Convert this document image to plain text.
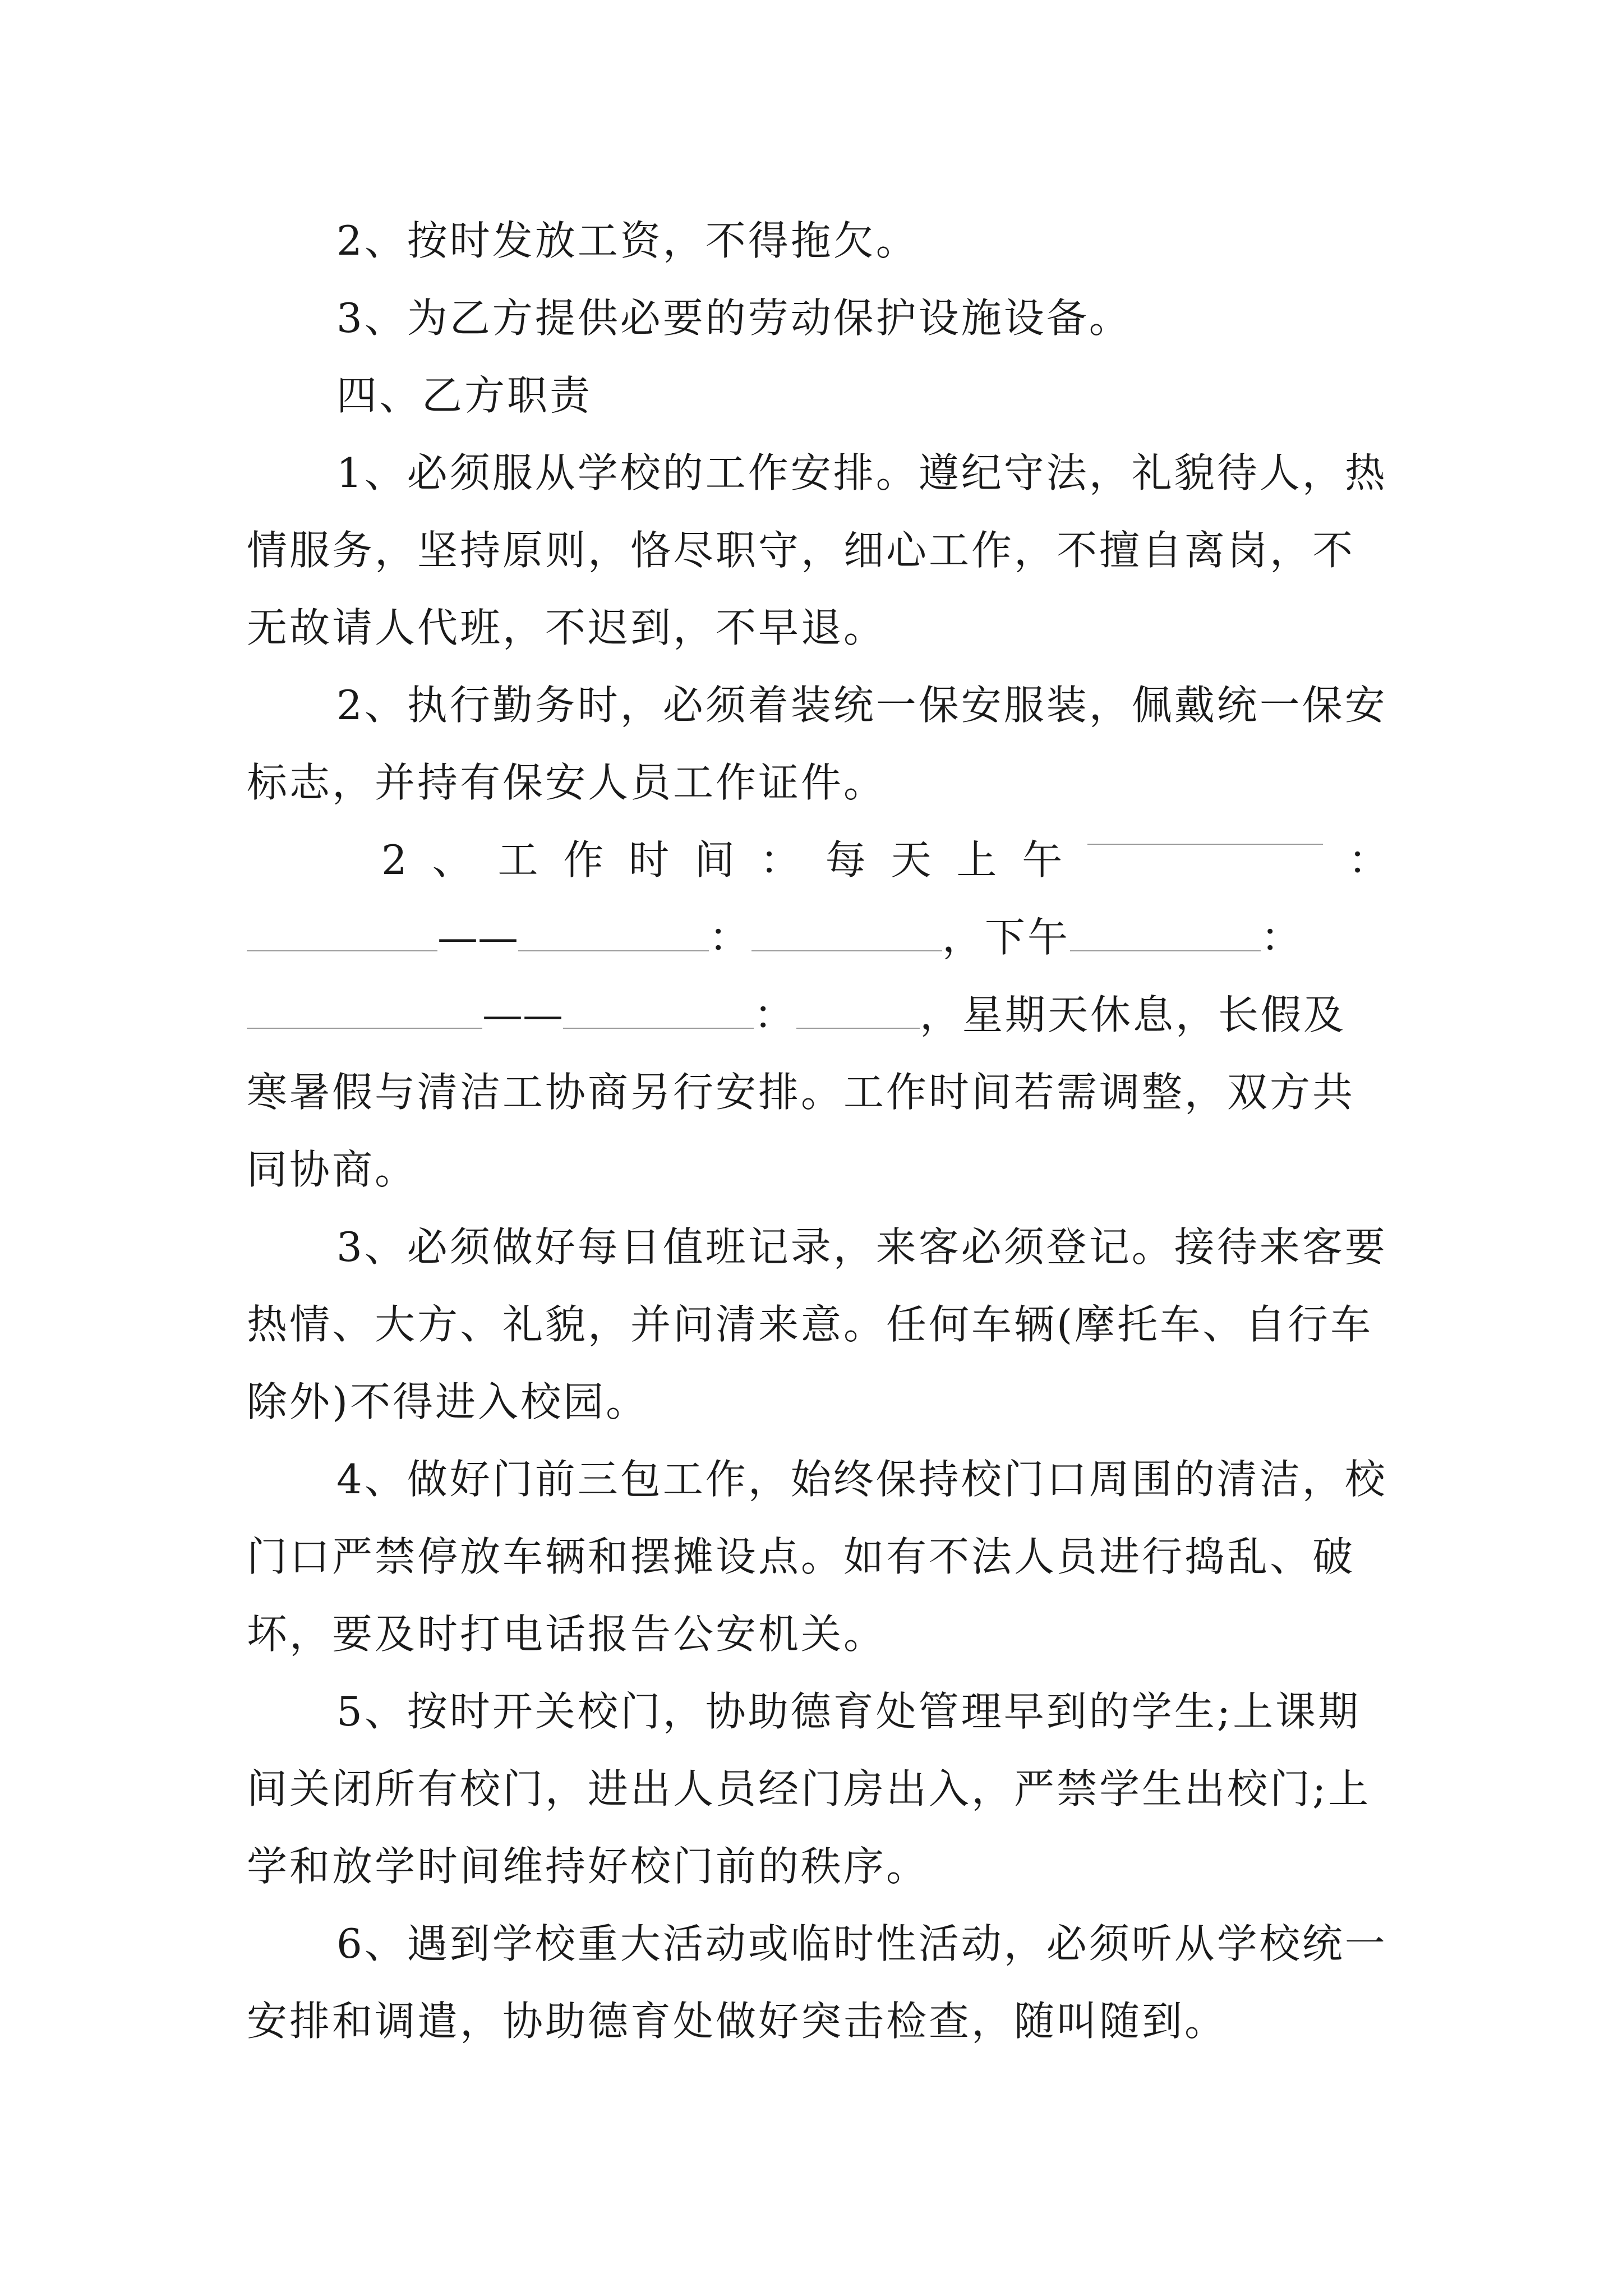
2、按时发放工资，不得拖欠。

3、为乙方提供必要的劳动保护设施设备。

四、乙方职责

1、必须服从学校的工作安排。遵纪守法，礼貌待人，热情服务，坚持原则，恪尽职守，细心工作，不擅自离岗，不无故请人代班，不迟到，不早退。

2、执行勤务时，必须着装统一保安服装，佩戴统一保安标志，并持有保安人员工作证件。

2 、 工 作 时 间 ： 每 天 上 午	：

——	：	，下午	：

——	：	，星期天休息，长假及寒暑假与清洁工协商另行安排。工作时间若需调整，双方共同协商。

3、必须做好每日值班记录，来客必须登记。接待来客要热情、大方、礼貌，并问清来意。任何车辆(摩托车、自行车除外)不得进入校园。

4、做好门前三包工作，始终保持校门口周围的清洁，校门口严禁停放车辆和摆摊设点。如有不法人员进行捣乱、破坏，要及时打电话报告公安机关。

5、按时开关校门，协助德育处管理早到的学生;上课期间关闭所有校门，进出人员经门房出入，严禁学生出校门;上学和放学时间维持好校门前的秩序。

6、遇到学校重大活动或临时性活动，必须听从学校统一安排和调遣，协助德育处做好突击检查，随叫随到。
